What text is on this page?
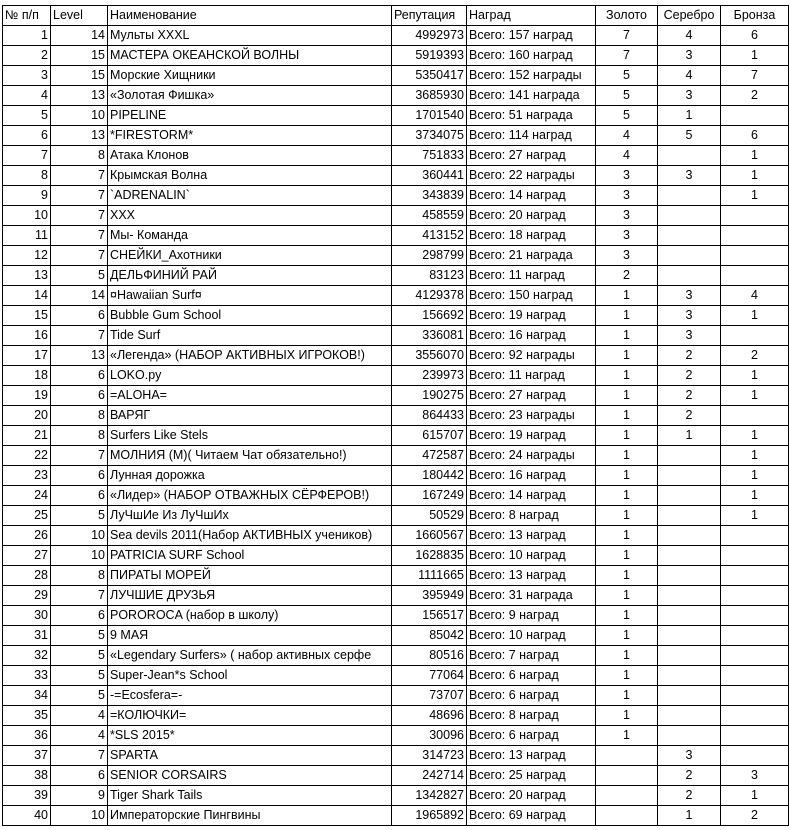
№ п/п	Level	Наименование	Репутация	Наград	Золото	Серебро	Бронза
1	14	Мульты XXXL	4992973	Всего: 157 наград	7	4	6
2	15	МАСТЕРА ОКЕАНСКОЙ ВОЛНЫ	5919393	Всего: 160 наград	7	3	1
3	15	Морские Хищники	5350417	Всего: 152 награды	5	4	7
4	13	«Золотая Фишка»	3685930	Всего: 141 награда	5	3	2
5	10	PIPELINE	1701540	Всего: 51 награда	5	1	
6	13	*FIRESTORM*	3734075	Всего: 114 наград	4	5	6
7	8	Атака Клонов	751833	Всего: 27 наград	4		1
8	7	Крымская Волна	360441	Всего: 22 награды	3	3	1
9	7	`ADRENALIN`	343839	Всего: 14 наград	3		1
10	7	XXX	458559	Всего: 20 наград	3		
11	7	Мы- Команда	413152	Всего: 18 наград	3		
12	7	СНЕЙКИ_Ахотники	298799	Всего: 21 награда	3		
13	5	ДЕЛЬФИНИЙ РАЙ	83123	Всего: 11 наград	2		
14	14	¤Hawaiian Surf¤	4129378	Всего: 150 наград	1	3	4
15	6	Bubble Gum School	156692	Всего: 19 наград	1	3	1
16	7	Tide Surf	336081	Всего: 16 наград	1	3	
17	13	«Легенда» (НАБОР АКТИВНЫХ ИГРОКОВ!)	3556070	Всего: 92 награды	1	2	2
18	6	LOKO.py	239973	Всего: 11 наград	1	2	1
19	6	=ALOHA=	190275	Всего: 27 наград	1	2	1
20	8	ВАРЯГ	864433	Всего: 23 награды	1	2	
21	8	Surfers Like Stels	615707	Всего: 19 наград	1	1	1
22	7	МОЛНИЯ (М)( Читаем Чат обязательно!)	472587	Всего: 24 награды	1		1
23	6	Лунная дорожка	180442	Всего: 16 наград	1		1
24	6	«Лидер» (НАБОР ОТВАЖНЫХ СЁРФЕРОВ!)	167249	Всего: 14 наград	1		1
25	5	ЛуЧшИе Из ЛуЧшИх	50529	Всего: 8 наград	1		1
26	10	Sea devils 2011(Набор АКТИВНЫХ учеников)	1660567	Всего: 13 наград	1		
27	10	PATRICIA SURF School	1628835	Всего: 10 наград	1		
28	8	ПИРАТЫ МОРЕЙ	1111665	Всего: 13 наград	1		
29	7	ЛУЧШИЕ ДРУЗЬЯ	395949	Всего: 31 награда	1		
30	6	POROROCA (набор в школу)	156517	Всего: 9 наград	1		
31	5	9 МАЯ	85042	Всего: 10 наград	1		
32	5	«Legendary Surfers» ( набор активных серфе	80516	Всего: 7 наград	1		
33	5	Super-Jean*s School	77064	Всего: 6 наград	1		
34	5	-=Ecosfera=-	73707	Всего: 6 наград	1		
35	4	=КОЛЮЧКИ=	48696	Всего: 8 наград	1		
36	4	*SLS 2015*	30096	Всего: 6 наград	1		
37	7	SPARTA	314723	Всего: 13 наград		3	
38	6	SENIOR CORSAIRS	242714	Всего: 25 наград		2	3
39	9	Tiger Shark Tails	1342827	Всего: 20 наград		2	1
40	10	Императорские Пингвины	1965892	Всего: 69 наград		1	2
